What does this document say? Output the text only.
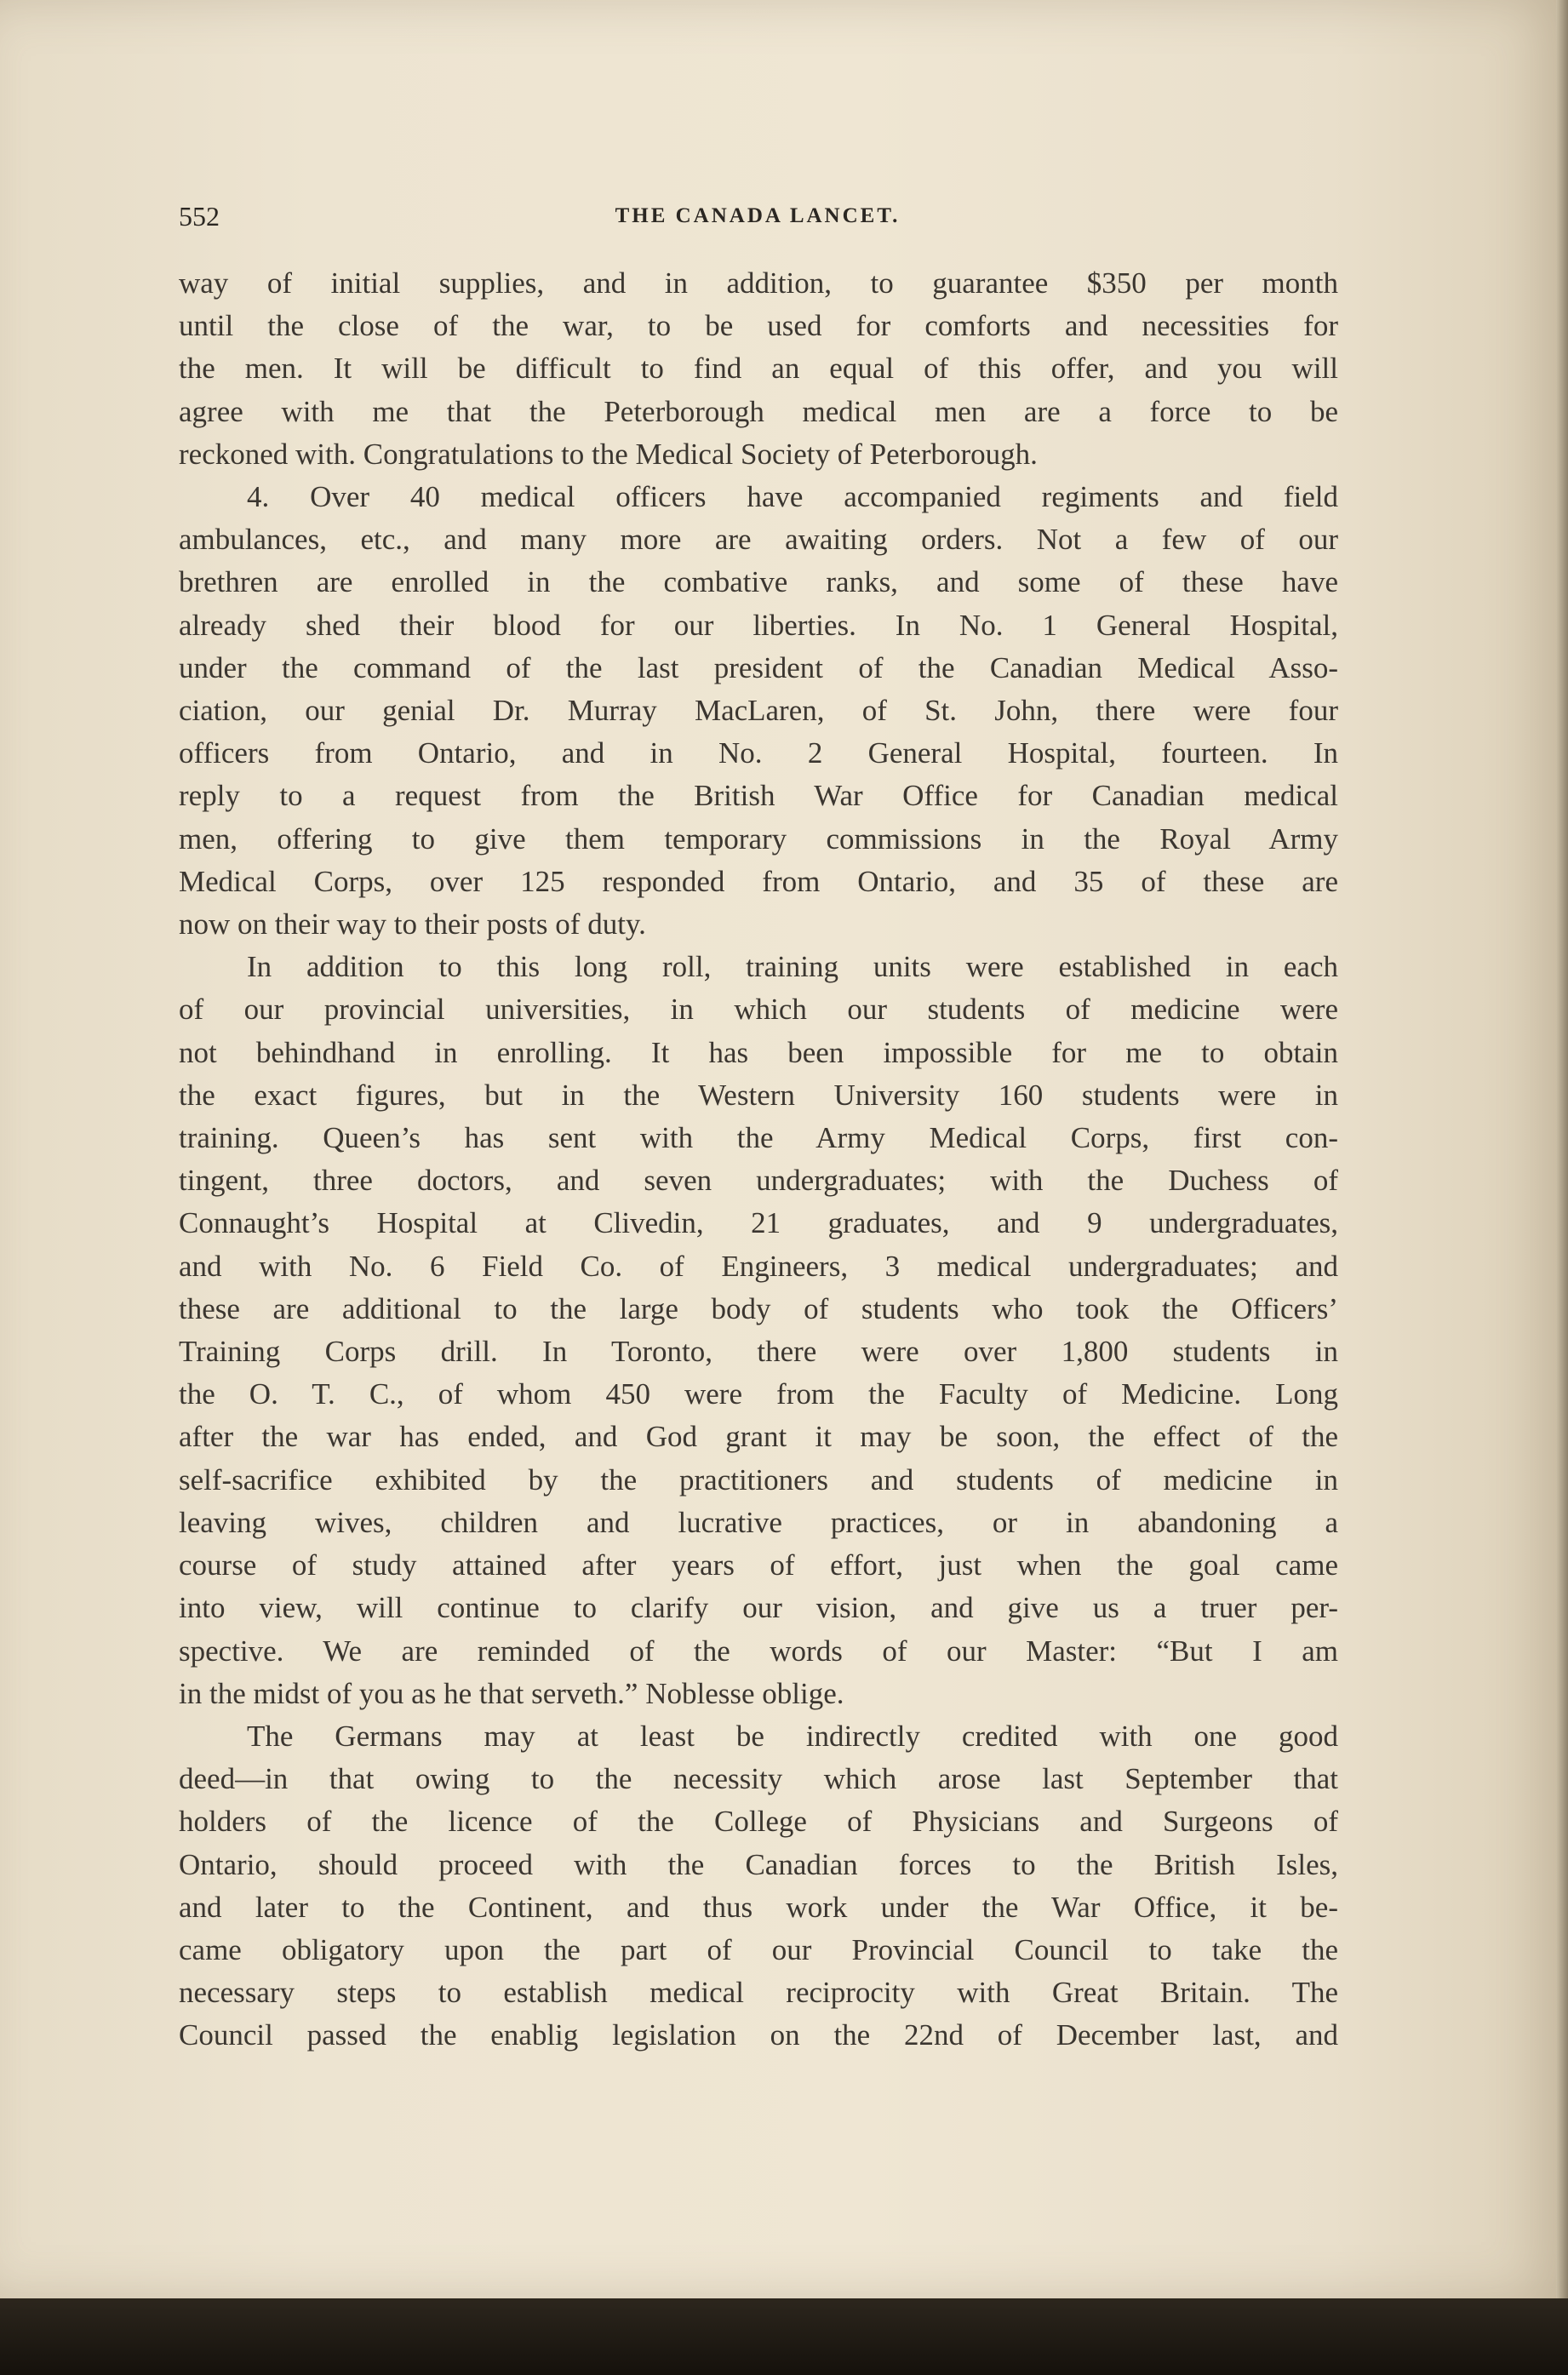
552	THE CANADA LANCET.

way of initial supplies, and in addition, to guarantee $350 per month
until the close of the war, to be used for comforts and necessities for
the men. It will be difficult to find an equal of this offer, and you will
agree with me that the Peterborough medical men are a force to be
reckoned with. Congratulations to the Medical Society of Peterborough.

4. Over 40 medical officers have accompanied regiments and field
ambulances, etc., and many more are awaiting orders. Not a few of our
brethren are enrolled in the combative ranks, and some of these have
already shed their blood for our liberties. In No. 1 General Hospital,
under the command of the last president of the Canadian Medical Asso-
ciation, our genial Dr. Murray MacLaren, of St. John, there were four
officers from Ontario, and in No. 2 General Hospital, fourteen. In
reply to a request from the British War Office for Canadian medical
men, offering to give them temporary commissions in the Royal Army
Medical Corps, over 125 responded from Ontario, and 35 of these are
now on their way to their posts of duty.

In addition to this long roll, training units were established in each
of our provincial universities, in which our students of medicine were
not behindhand in enrolling. It has been impossible for me to obtain
the exact figures, but in the Western University 160 students were in
training. Queen’s has sent with the Army Medical Corps, first con-
tingent, three doctors, and seven undergraduates; with the Duchess of
Connaught’s Hospital at Clivedin, 21 graduates, and 9 undergraduates,
and with No. 6 Field Co. of Engineers, 3 medical undergraduates; and
these are additional to the large body of students who took the Officers’
Training Corps drill. In Toronto, there were over 1,800 students in
the O. T. C., of whom 450 were from the Faculty of Medicine. Long
after the war has ended, and God grant it may be soon, the effect of the
self-sacrifice exhibited by the practitioners and students of medicine in
leaving wives, children and lucrative practices, or in abandoning a
course of study attained after years of effort, just when the goal came
into view, will continue to clarify our vision, and give us a truer per-
spective. We are reminded of the words of our Master: “But I am
in the midst of you as he that serveth.” Noblesse oblige.

The Germans may at least be indirectly credited with one good
deed—in that owing to the necessity which arose last September that
holders of the licence of the College of Physicians and Surgeons of
Ontario, should proceed with the Canadian forces to the British Isles,
and later to the Continent, and thus work under the War Office, it be-
came obligatory upon the part of our Provincial Council to take the
necessary steps to establish medical reciprocity with Great Britain. The
Council passed the enablig legislation on the 22nd of December last, and
